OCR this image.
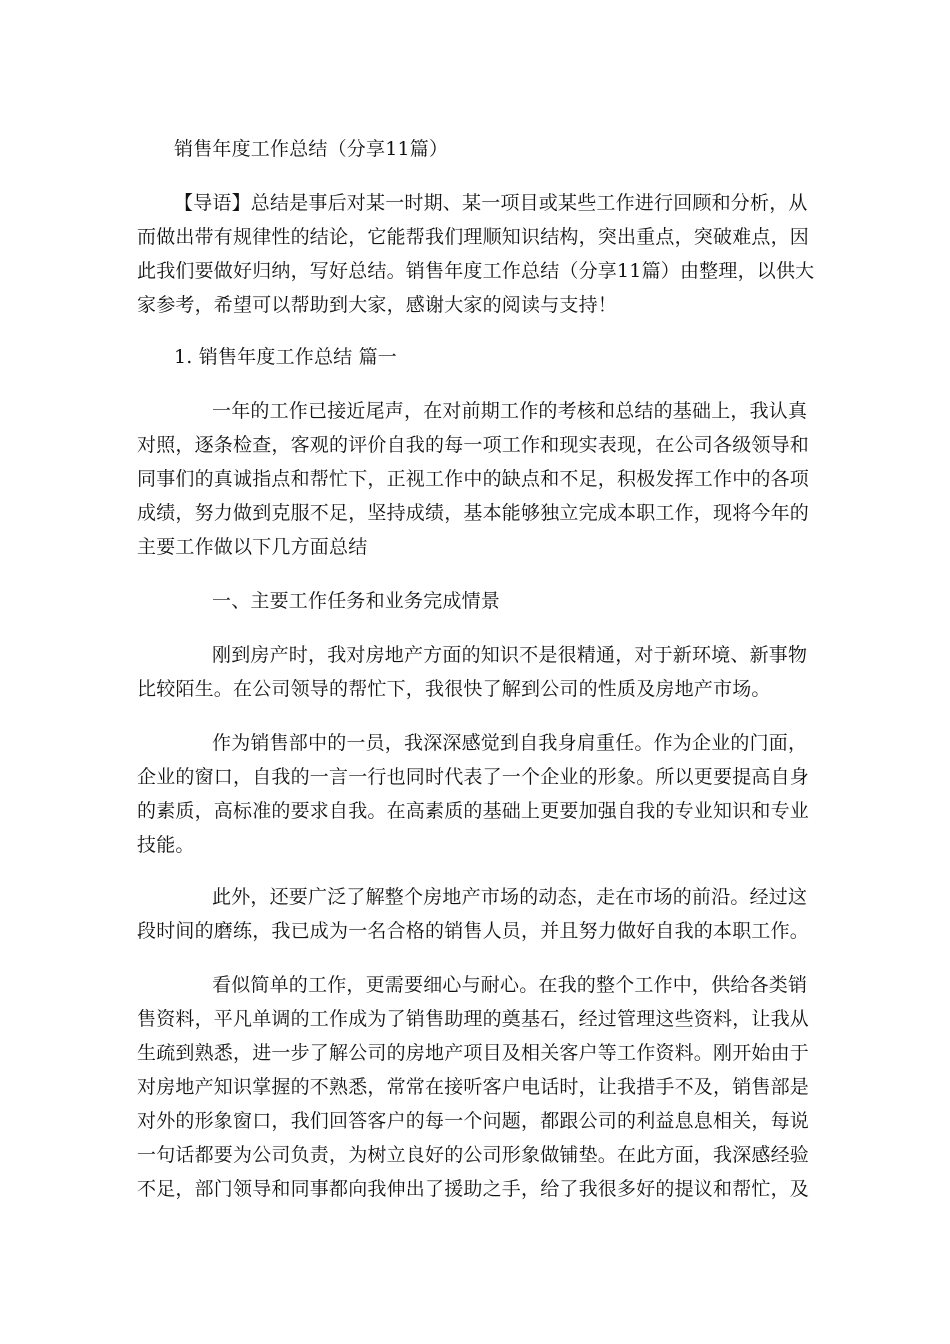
销售年度工作总结（分享11篇）
【导语】总结是事后对某一时期、某一项目或某些工作进行回顾和分析，从
而做出带有规律性的结论，它能帮我们理顺知识结构，突出重点，突破难点，因
此我们要做好归纳，写好总结。销售年度工作总结（分享11篇）由整理，以供大
家参考，希望可以帮助到大家，感谢大家的阅读与支持！
1. 销售年度工作总结 篇一
一年的工作已接近尾声，在对前期工作的考核和总结的基础上，我认真
对照，逐条检查，客观的评价自我的每一项工作和现实表现，在公司各级领导和
同事们的真诚指点和帮忙下，正视工作中的缺点和不足，积极发挥工作中的各项
成绩，努力做到克服不足，坚持成绩，基本能够独立完成本职工作，现将今年的
主要工作做以下几方面总结
一、主要工作任务和业务完成情景
刚到房产时，我对房地产方面的知识不是很精通，对于新环境、新事物
比较陌生。在公司领导的帮忙下，我很快了解到公司的性质及房地产市场。
作为销售部中的一员，我深深感觉到自我身肩重任。作为企业的门面，
企业的窗口，自我的一言一行也同时代表了一个企业的形象。所以更要提高自身
的素质，高标准的要求自我。在高素质的基础上更要加强自我的专业知识和专业
技能。
此外，还要广泛了解整个房地产市场的动态，走在市场的前沿。经过这
段时间的磨练，我已成为一名合格的销售人员，并且努力做好自我的本职工作。
看似简单的工作，更需要细心与耐心。在我的整个工作中，供给各类销
售资料，平凡单调的工作成为了销售助理的奠基石，经过管理这些资料，让我从
生疏到熟悉，进一步了解公司的房地产项目及相关客户等工作资料。刚开始由于
对房地产知识掌握的不熟悉，常常在接听客户电话时，让我措手不及，销售部是
对外的形象窗口，我们回答客户的每一个问题，都跟公司的利益息息相关，每说
一句话都要为公司负责，为树立良好的公司形象做铺垫。在此方面，我深感经验
不足，部门领导和同事都向我伸出了援助之手，给了我很多好的提议和帮忙，及
